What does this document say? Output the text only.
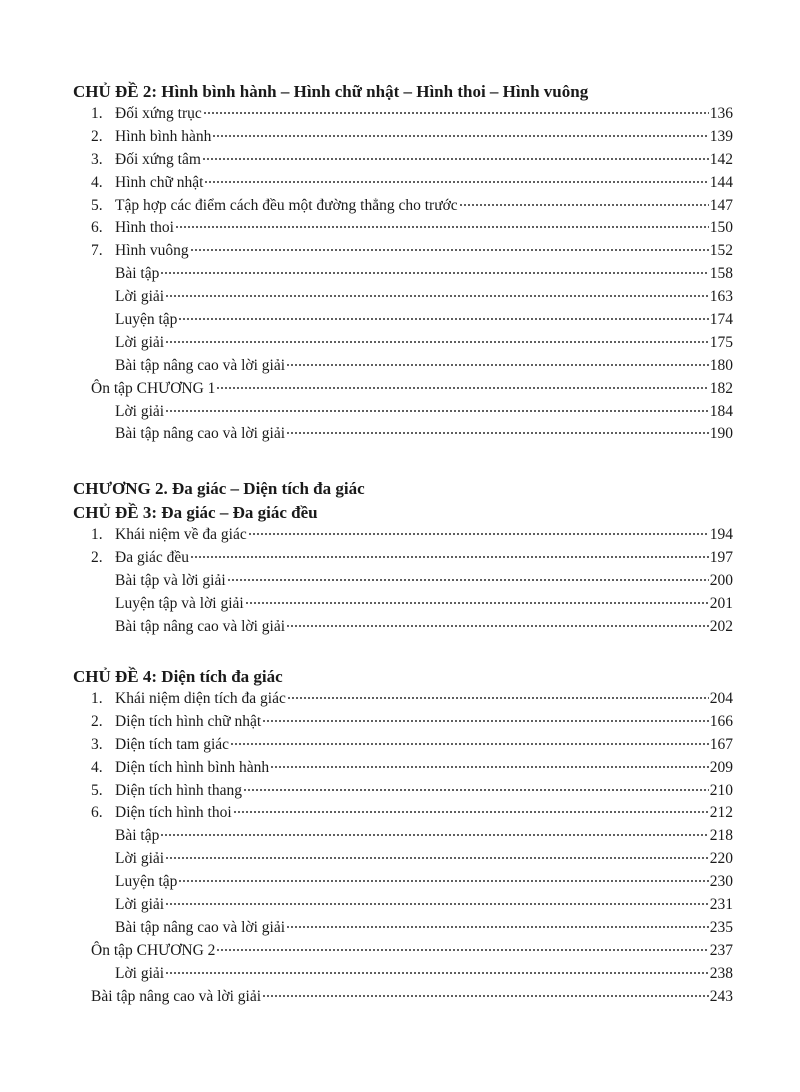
CHỦ ĐỀ 2: Hình bình hành – Hình chữ nhật – Hình thoi – Hình vuông
1. Đối xứng trục	136
2. Hình bình hành	139
3. Đối xứng tâm	142
4. Hình chữ nhật	144
5. Tập hợp các điểm cách đều một đường thẳng cho trước	147
6. Hình thoi	150
7. Hình vuông	152
Bài tập	158
Lời giải	163
Luyện tập	174
Lời giải	175
Bài tập nâng cao và lời giải	180
Ôn tập CHƯƠNG 1	182
Lời giải	184
Bài tập nâng cao và lời giải	190
CHƯƠNG 2. Đa giác – Diện tích đa giác
CHỦ ĐỀ 3: Đa giác – Đa giác đều
1. Khái niệm về đa giác	194
2. Đa giác đều	197
Bài tập và lời giải	200
Luyện tập và lời giải	201
Bài tập nâng cao và lời giải	202
CHỦ ĐỀ 4: Diện tích đa giác
1. Khái niệm diện tích đa giác	204
2. Diện tích hình chữ nhật	166
3. Diện tích tam giác	167
4. Diện tích hình bình hành	209
5. Diện tích hình thang	210
6. Diện tích hình thoi	212
Bài tập	218
Lời giải	220
Luyện tập	230
Lời giải	231
Bài tập nâng cao và lời giải	235
Ôn tập CHƯƠNG 2	237
Lời giải	238
Bài tập nâng cao và lời giải	243
